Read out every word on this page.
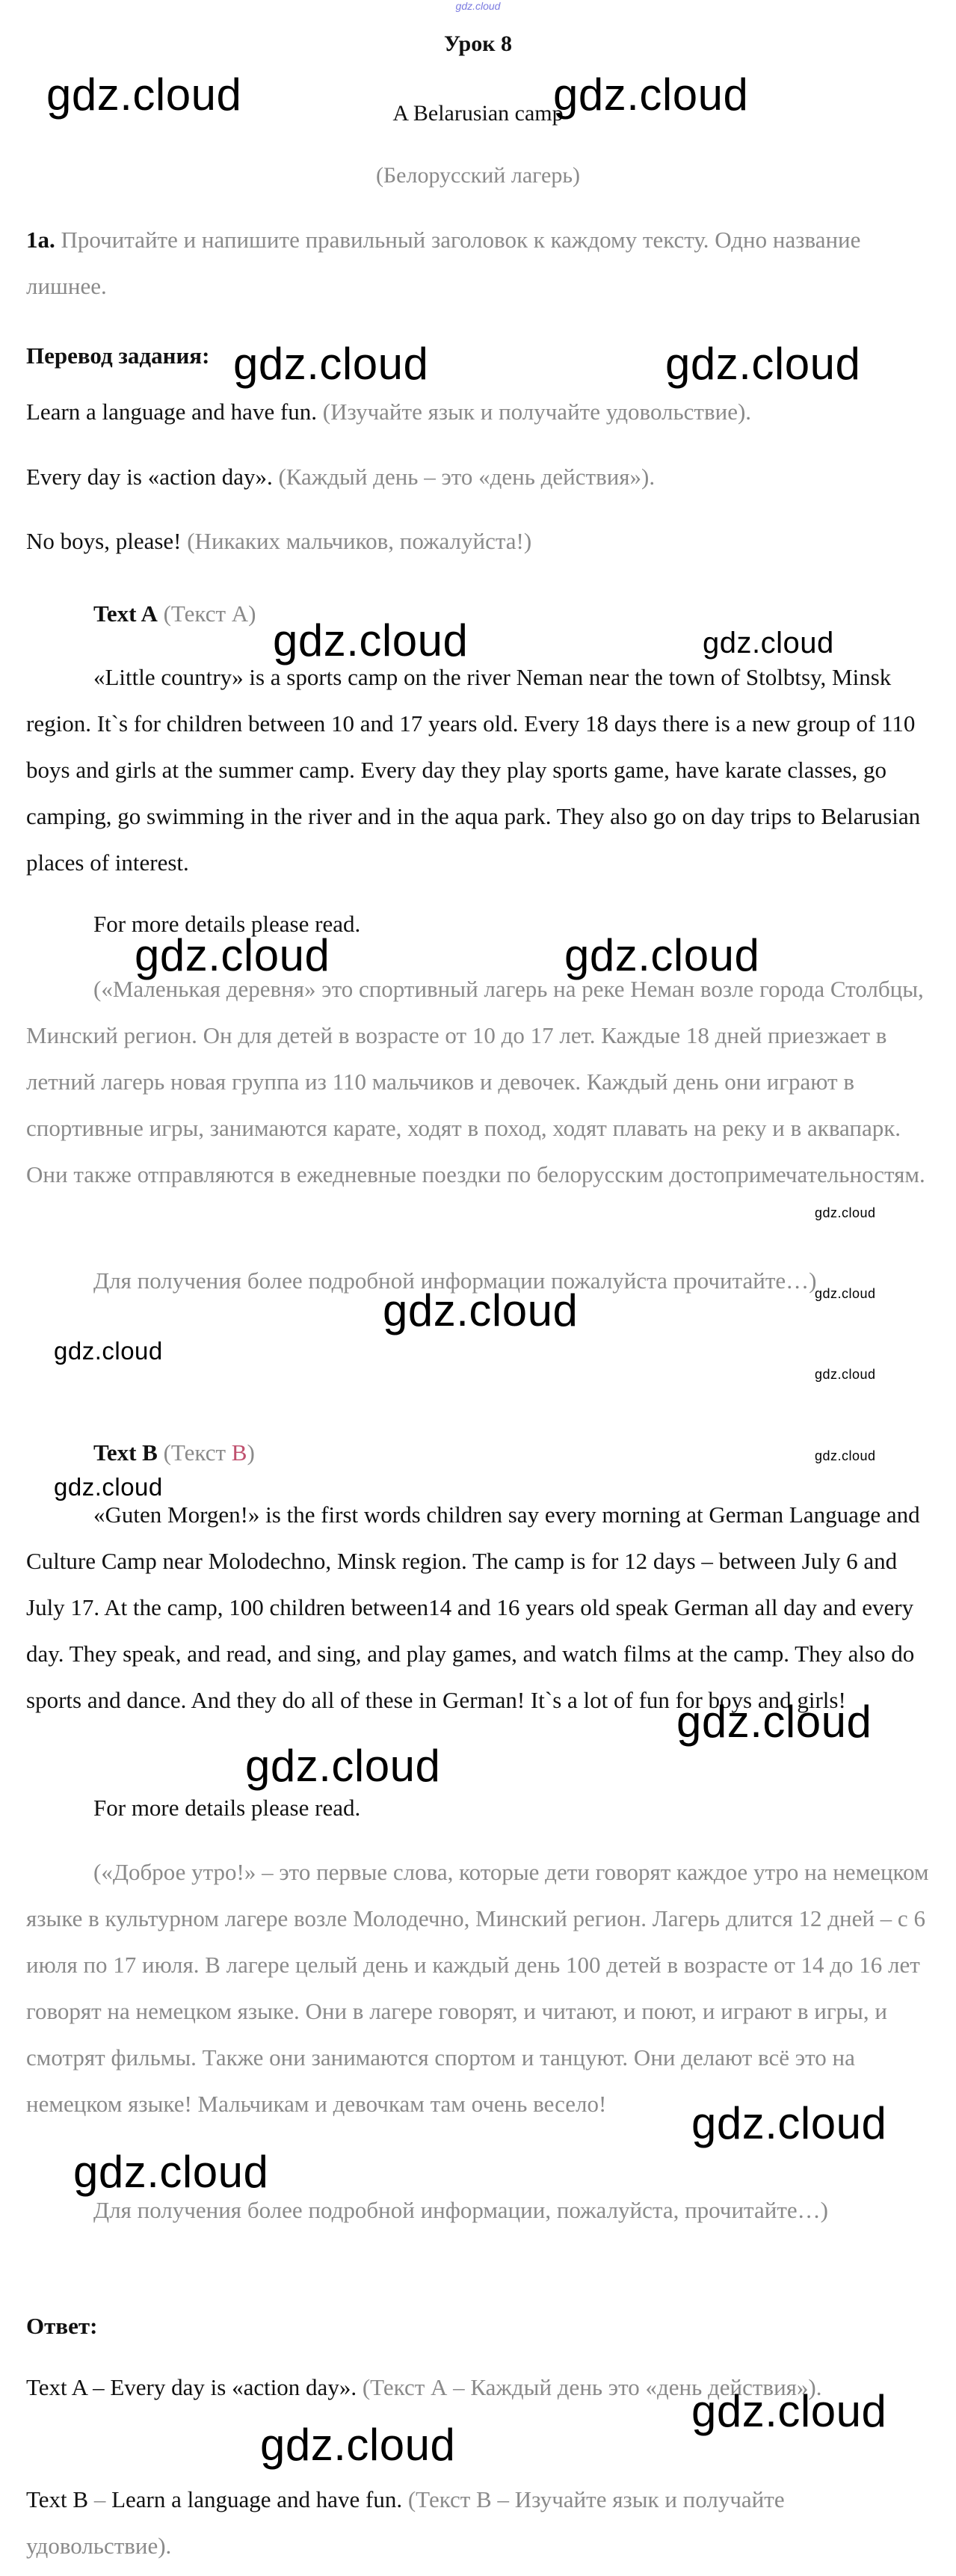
gdz.cloud
Урок 8
A Belarusian camp
(Белорусский лагерь)
1a. Прочитайте и напишите правильный заголовок к каждому тексту. Одно название лишнее.
Перевод задания:
Learn a language and have fun. (Изучайте язык и получайте удовольствие).
Every day is «action day». (Каждый день – это «день действия»).
No boys, please! (Никаких мальчиков, пожалуйста!)
Text A (Текст А)
«Little country» is a sports camp on the river Neman near the town of Stolbtsy, Minsk region. It`s for children between 10 and 17 years old. Every 18 days there is a new group of 110 boys and girls at the summer camp. Every day they play sports game, have karate classes, go camping, go swimming in the river and in the aqua park. They also go on day trips to Belarusian places of interest.
For more details please read.
(«Маленькая деревня» это спортивный лагерь на реке Неман возле города Столбцы, Минский регион. Он для детей в возрасте от 10 до 17 лет. Каждые 18 дней приезжает в летний лагерь новая группа из 110 мальчиков и девочек. Каждый день они играют в спортивные игры, занимаются карате, ходят в поход, ходят плавать на реку и в аквапарк. Они также отправляются в ежедневные поездки по белорусским достопримечательностям.
Для получения более подробной информации пожалуйста прочитайте…)
Text B (Текст В)
«Guten Morgen!» is the first words children say every morning at German Language and Culture Camp near Molodechno, Minsk region. The camp is for 12 days – between July 6 and July 17. At the camp, 100 children between14 and 16 years old speak German all day and every day. They speak, and read, and sing, and play games, and watch films at the camp. They also do sports and dance. And they do all of these in German! It`s a lot of fun for boys and girls!
For more details please read.
(«Доброе утро!» – это первые слова, которые дети говорят каждое утро на немецком языке в культурном лагере возле Молодечно, Минский регион. Лагерь длится 12 дней – с 6 июля по 17 июля. В лагере целый день и каждый день 100 детей в возрасте от 14 до 16 лет говорят на немецком языке. Они в лагере говорят, и читают, и поют, и играют в игры, и смотрят фильмы. Также они занимаются спортом и танцуют. Они делают всё это на немецком языке! Мальчикам и девочкам там очень весело!
Для получения более подробной информации, пожалуйста, прочитайте…)
Ответ:
Text A – Every day is «action day». (Текст А – Каждый день это «день действия»).
Text B – Learn a language and have fun. (Текст В – Изучайте язык и получайте удовольствие).
gdz.cloud	gdz.cloud
gdz.cloud	gdz.cloud
gdz.cloud	gdz.cloud
gdz.cloud	gdz.cloud
gdz.cloud
gdz.cloud	gdz.cloud
gdz.cloud
gdz.cloud
gdz.cloud
gdz.cloud
gdz.cloud
gdz.cloud
gdz.cloud
gdz.cloud
gdz.cloud
gdz.cloud
